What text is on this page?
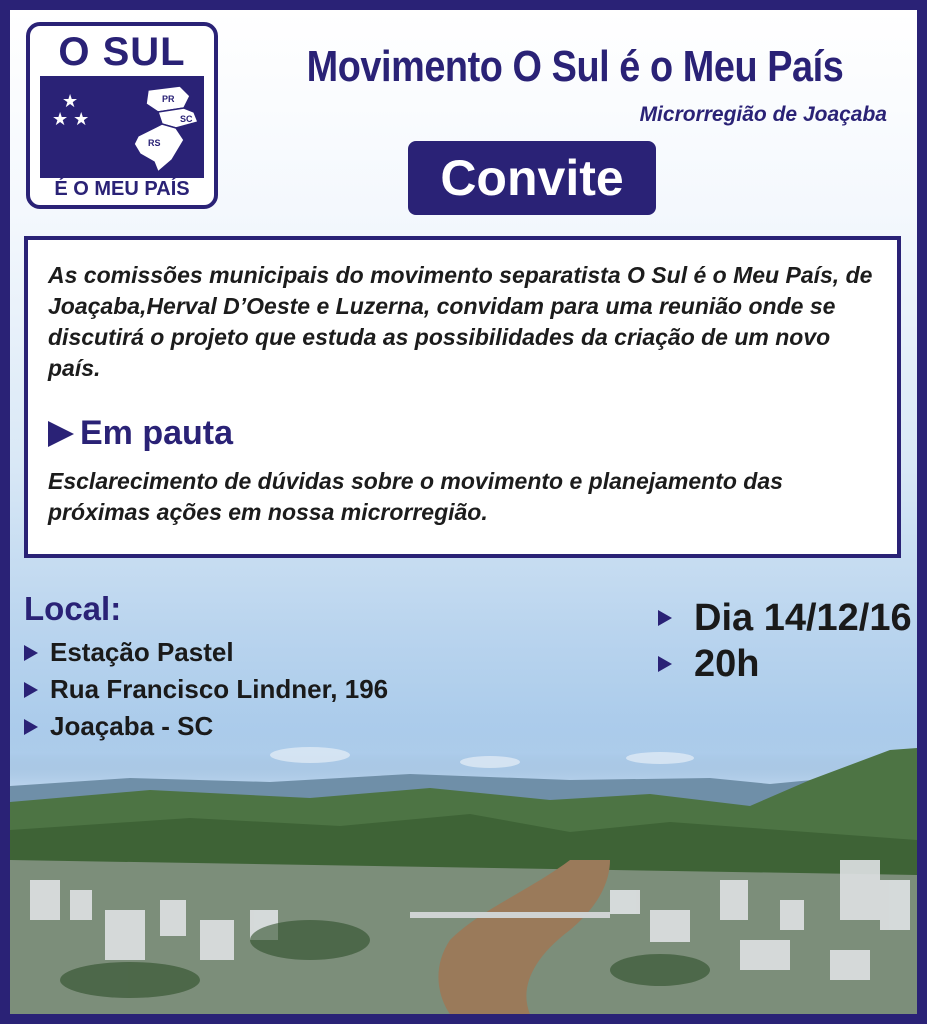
O SUL
★
★ ★
PR
SC
RS
É O MEU PAÍS
Movimento O Sul é o Meu País
Microrregião de Joaçaba
Convite
As comissões municipais do movimento separatista O Sul é o Meu País, de Joaçaba,Herval D’Oeste e Luzerna, convidam para uma reunião onde se discutirá o projeto que estuda as possibilidades da criação de um novo país.
Em pauta
Esclarecimento de dúvidas sobre o movimento e planejamento das próximas ações em nossa microrregião.
Local:
Estação Pastel
Rua Francisco Lindner, 196
Joaçaba - SC
Dia 14/12/16
20h
